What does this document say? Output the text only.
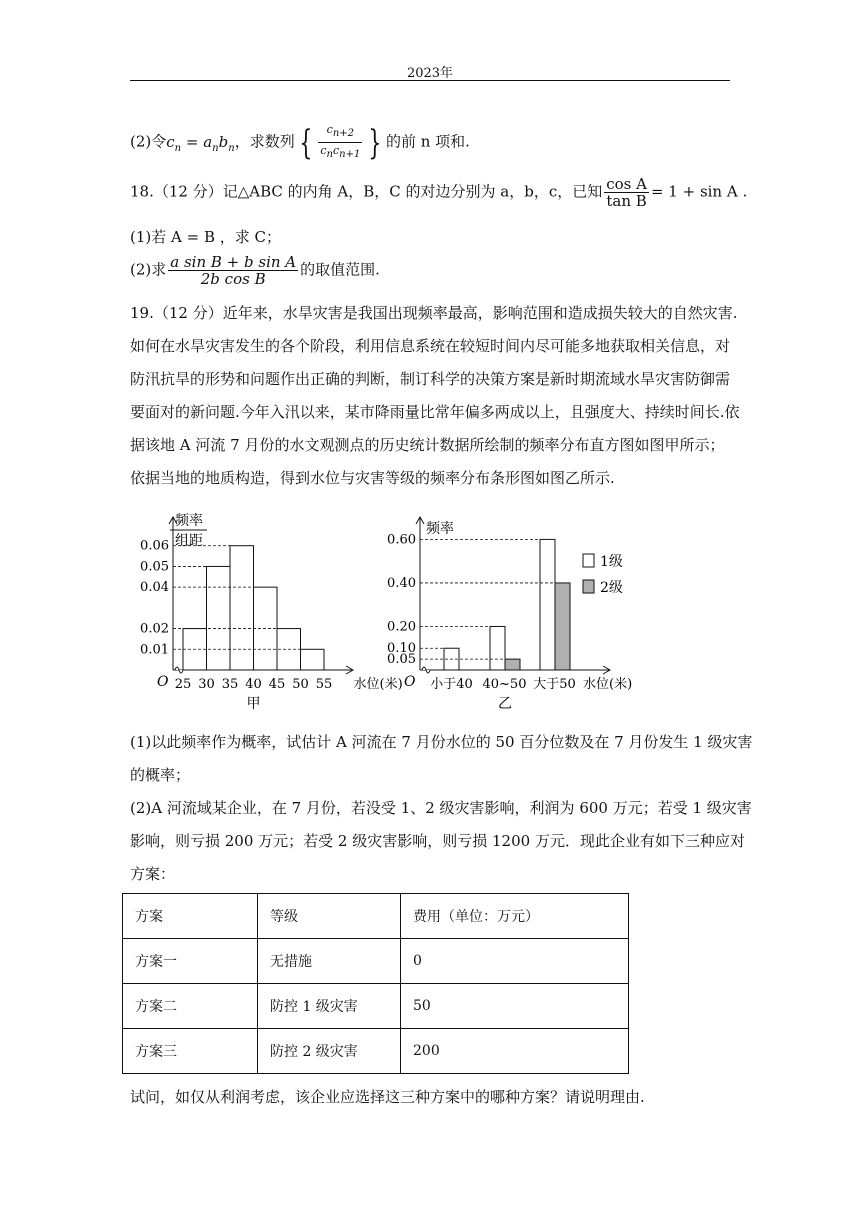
2023年
(2)令$c_n = a_nb_n$，求数列 { $\frac{c_{n+2}}{c_nc_{n+1}}$ } 的前 n 项和.
18.（12 分）记△ABC 的内角 A，B，C 的对边分别为 a，b，c，已知 $\frac{\text{cos A}}{\text{tan B}} = 1 + \sin A$ .
(1)若 A = B ，求 C；
(2)求 $\frac{\text{a sin B + b sin A}}{\text{2b cos B}}$ 的取值范围.
19.（12 分）近年来，水旱灾害是我国出现频率最高，影响范围和造成损失较大的自然灾害.
如何在水旱灾害发生的各个阶段，利用信息系统在较短时间内尽可能多地获取相关信息，对
防汛抗旱的形势和问题作出正确的判断，制订科学的决策方案是新时期流域水旱灾害防御需
要面对的新问题.今年入汛以来，某市降雨量比常年偏多两成以上，且强度大、持续时间长.依
据该地 A 河流 7 月份的水文观测点的历史统计数据所绘制的频率分布直方图如图甲所示；
依据当地的地质构造，得到水位与灾害等级的频率分布条形图如图乙所示.
频率
组距
0.06
0.05
0.04
0.02
0.01
25 30 35 40 45 50 55
O	水位(米)
甲
频率
0.60
0.40
0.20
0.10
0.05
小于40 40~50 大于50
O	水位(米)
乙
1级
2级
(1)以此频率作为概率，试估计 A 河流在 7 月份水位的 50 百分位数及在 7 月份发生 1 级灾害
的概率；
(2)A 河流域某企业，在 7 月份，若没受 1、2 级灾害影响，利润为 600 万元；若受 1 级灾害
影响，则亏损 200 万元；若受 2 级灾害影响，则亏损 1200 万元．现此企业有如下三种应对
方案：
方案	等级	费用（单位：万元）
方案一	无措施	0
方案二	防控 1 级灾害	50
方案三	防控 2 级灾害	200
试问，如仅从利润考虑，该企业应选择这三种方案中的哪种方案？请说明理由.
